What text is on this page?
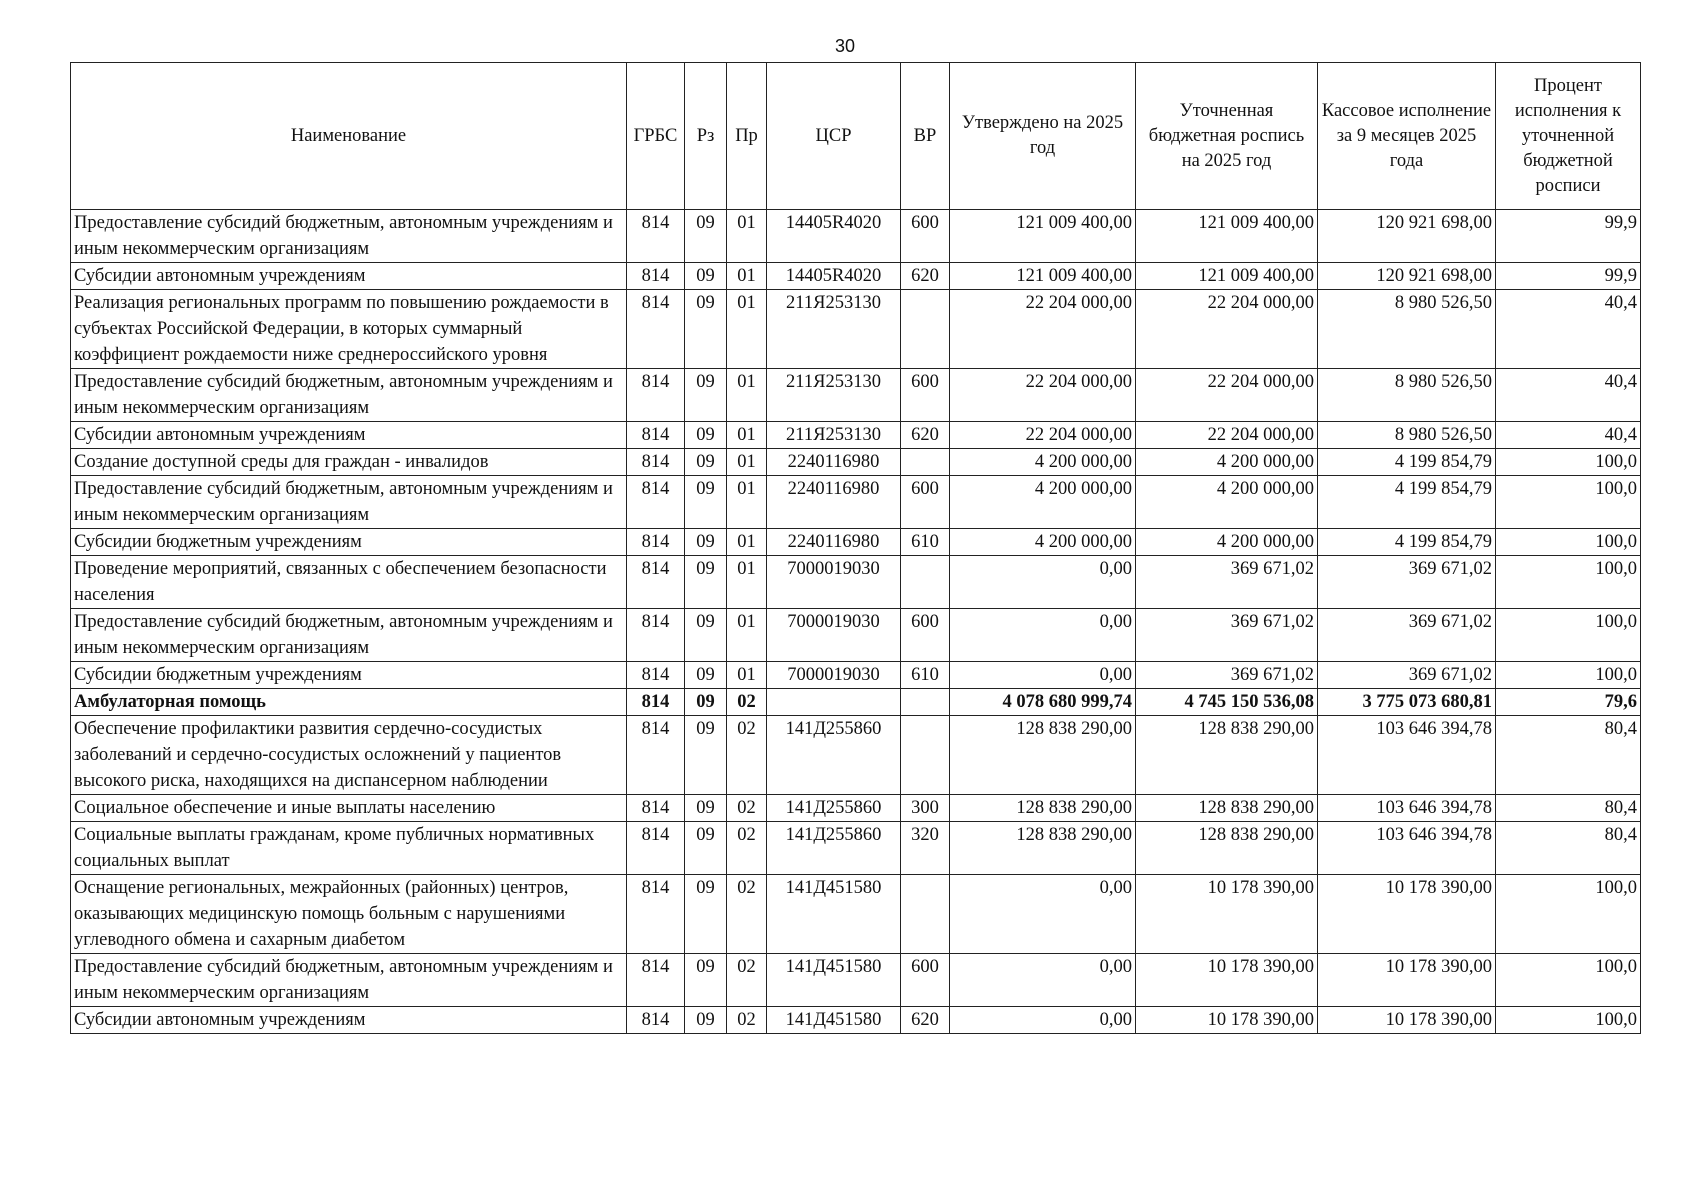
30
Наименование	ГРБС	Рз	Пр	ЦСР	ВР	Утверждено на 2025 год	Уточненная бюджетная роспись на 2025 год	Кассовое исполнение за 9 месяцев 2025 года	Процент исполнения к уточненной бюджетной росписи
Предоставление субсидий бюджетным, автономным учреждениям и иным некоммерческим организациям	814	09	01	14405R4020	600	121 009 400,00	121 009 400,00	120 921 698,00	99,9
Субсидии автономным учреждениям	814	09	01	14405R4020	620	121 009 400,00	121 009 400,00	120 921 698,00	99,9
Реализация региональных программ по повышению рождаемости в субъектах Российской Федерации, в которых суммарный коэффициент рождаемости ниже среднероссийского уровня	814	09	01	211Я253130		22 204 000,00	22 204 000,00	8 980 526,50	40,4
Предоставление субсидий бюджетным, автономным учреждениям и иным некоммерческим организациям	814	09	01	211Я253130	600	22 204 000,00	22 204 000,00	8 980 526,50	40,4
Субсидии автономным учреждениям	814	09	01	211Я253130	620	22 204 000,00	22 204 000,00	8 980 526,50	40,4
Создание доступной среды для граждан - инвалидов	814	09	01	2240116980		4 200 000,00	4 200 000,00	4 199 854,79	100,0
Предоставление субсидий бюджетным, автономным учреждениям и иным некоммерческим организациям	814	09	01	2240116980	600	4 200 000,00	4 200 000,00	4 199 854,79	100,0
Субсидии бюджетным учреждениям	814	09	01	2240116980	610	4 200 000,00	4 200 000,00	4 199 854,79	100,0
Проведение мероприятий, связанных с обеспечением безопасности населения	814	09	01	7000019030		0,00	369 671,02	369 671,02	100,0
Предоставление субсидий бюджетным, автономным учреждениям и иным некоммерческим организациям	814	09	01	7000019030	600	0,00	369 671,02	369 671,02	100,0
Субсидии бюджетным учреждениям	814	09	01	7000019030	610	0,00	369 671,02	369 671,02	100,0
Амбулаторная помощь	814	09	02			4 078 680 999,74	4 745 150 536,08	3 775 073 680,81	79,6
Обеспечение профилактики развития сердечно-сосудистых заболеваний и сердечно-сосудистых осложнений у пациентов высокого риска, находящихся на диспансерном наблюдении	814	09	02	141Д255860		128 838 290,00	128 838 290,00	103 646 394,78	80,4
Социальное обеспечение и иные выплаты населению	814	09	02	141Д255860	300	128 838 290,00	128 838 290,00	103 646 394,78	80,4
Социальные выплаты гражданам, кроме публичных нормативных социальных выплат	814	09	02	141Д255860	320	128 838 290,00	128 838 290,00	103 646 394,78	80,4
Оснащение региональных, межрайонных (районных) центров, оказывающих медицинскую помощь больным с нарушениями углеводного обмена и сахарным диабетом	814	09	02	141Д451580		0,00	10 178 390,00	10 178 390,00	100,0
Предоставление субсидий бюджетным, автономным учреждениям и иным некоммерческим организациям	814	09	02	141Д451580	600	0,00	10 178 390,00	10 178 390,00	100,0
Субсидии автономным учреждениям	814	09	02	141Д451580	620	0,00	10 178 390,00	10 178 390,00	100,0
